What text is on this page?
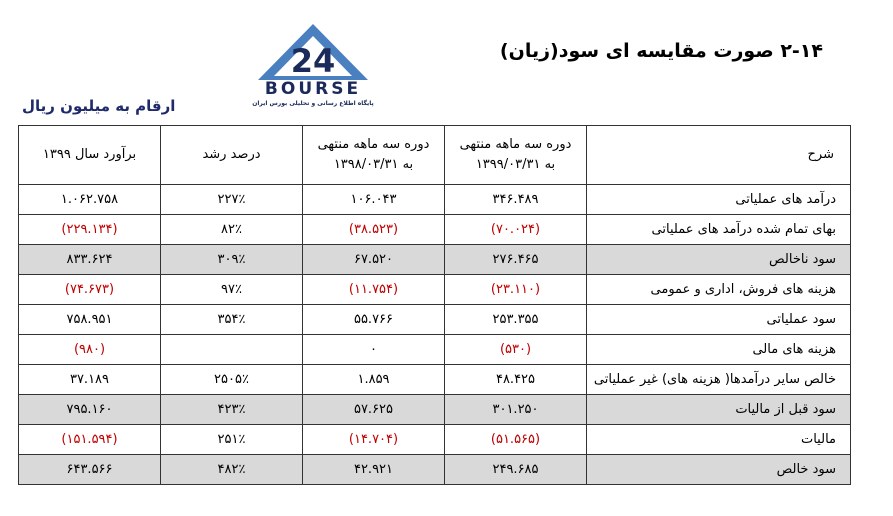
۲-۱۴ صورت مقایسه ای سود(زیان)
24
BOURSE
پایگاه اطلاع رسانی و تحلیلی بورس ایران
ارقام به میلیون ریال
شرح	دوره سه ماهه منتهی به ۱۳۹۹/۰۳/۳۱	دوره سه ماهه منتهی به ۱۳۹۸/۰۳/۳۱	درصد رشد	برآورد سال ۱۳۹۹
درآمد های عملیاتی	۳۴۶.۴۸۹	۱۰۶.۰۴۳	۲۲۷٪	۱.۰۶۲.۷۵۸
بهای تمام شده درآمد های عملیاتی	(۷۰.۰۲۴)	(۳۸.۵۲۳)	۸۲٪	(۲۲۹.۱۳۴)
سود ناخالص	۲۷۶.۴۶۵	۶۷.۵۲۰	۳۰۹٪	۸۳۳.۶۲۴
هزینه های فروش، اداری و عمومی	(۲۳.۱۱۰)	(۱۱.۷۵۴)	۹۷٪	(۷۴.۶۷۳)
سود عملیاتی	۲۵۳.۳۵۵	۵۵.۷۶۶	۳۵۴٪	۷۵۸.۹۵۱
هزینه های مالی	(۵۳۰)	۰		(۹۸۰)
خالص سایر درآمدها( هزینه های) غیر عملیاتی	۴۸.۴۲۵	۱.۸۵۹	۲۵۰۵٪	۳۷.۱۸۹
سود قبل از مالیات	۳۰۱.۲۵۰	۵۷.۶۲۵	۴۲۳٪	۷۹۵.۱۶۰
مالیات	(۵۱.۵۶۵)	(۱۴.۷۰۴)	۲۵۱٪	(۱۵۱.۵۹۴)
سود خالص	۲۴۹.۶۸۵	۴۲.۹۲۱	۴۸۲٪	۶۴۳.۵۶۶
